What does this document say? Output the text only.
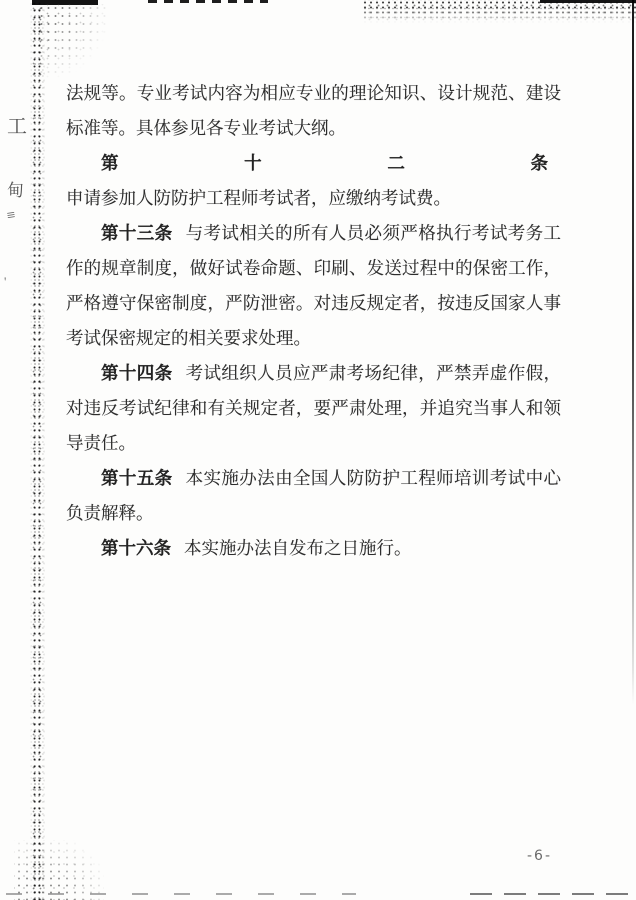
工
甸
≡
'

法规等。专业考试内容为相应专业的理论知识、设计规范、建设标准等。具体参见各专业考试大纲。

第十二条申请参加人防防护工程师考试者，应缴纳考试费。

第十三条 与考试相关的所有人员必须严格执行考试考务工作的规章制度，做好试卷命题、印刷、发送过程中的保密工作，严格遵守保密制度，严防泄密。对违反规定者，按违反国家人事考试保密规定的相关要求处理。

第十四条 考试组织人员应严肃考场纪律，严禁弄虚作假，对违反考试纪律和有关规定者，要严肃处理，并追究当事人和领导责任。

第十五条 本实施办法由全国人防防护工程师培训考试中心负责解释。

第十六条 本实施办法自发布之日施行。

-6-
